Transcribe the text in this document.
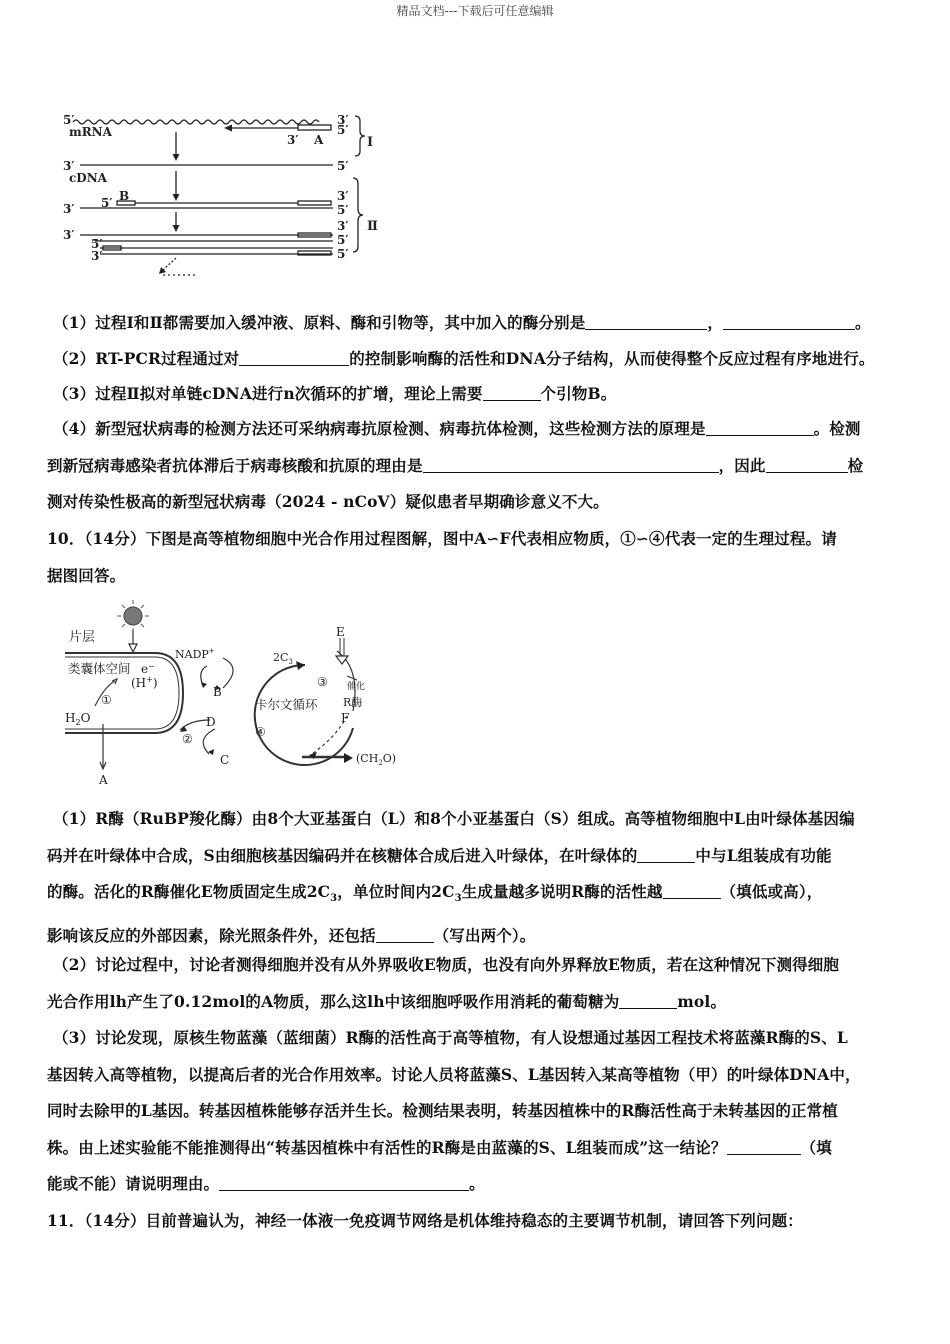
精品文档---下载后可任意编辑
5′
mRNA
3′
3′ A
5′
3′
cDNA
5′
5′ B	3′
3′	5′
3′
3′
5′
5′
3′	5′
Ⅰ
Ⅱ
（1）过程Ⅰ和Ⅱ都需要加入缓冲液、原料、酶和引物等，其中加入的酶分别是	，	。
（2）RT-PCR过程通过对	的控制影响酶的活性和DNA分子结构，从而使得整个反应过程有序地进行。
（3）过程Ⅱ拟对单链cDNA进行n次循环的扩增，理论上需要	个引物B。
（4）新型冠状病毒的检测方法还可采纳病毒抗原检测、病毒抗体检测，这些检测方法的原理是	。检测
到新冠病毒感染者抗体滞后于病毒核酸和抗原的理由是	，因此	检
测对传染性极高的新型冠状病毒（2024 - nCoV）疑似患者早期确诊意义不大。
10．（14分）下图是高等植物细胞中光合作用过程图解，图中A∽F代表相应物质，①∽④代表一定的生理过程。请
据图回答。
片层
类囊体空间 e −
(H+)
①
$H_2O$
A
NADP+
B
D
②
C
④
$2C_3$
E
③ 催化
R酶
F
卡尔文循环
$(CH_2O)$
（1）R酶（RuBP羧化酶）由8个大亚基蛋白（L）和8个小亚基蛋白（S）组成。高等植物细胞中L由叶绿体基因编
码并在叶绿体中合成，S由细胞核基因编码并在核糖体合成后进入叶绿体，在叶绿体的	中与L组装成有功能
的酶。活化的R酶催化E物质固定生成$2C_3$，单位时间内$2C_3$生成量越多说明R酶的活性越	（填低或高），
影响该反应的外部因素，除光照条件外，还包括	（写出两个）。
（2）讨论过程中，讨论者测得细胞并没有从外界吸收E物质，也没有向外界释放E物质，若在这种情况下测得细胞
光合作用lh产生了0.12mol的A物质，那么这lh中该细胞呼吸作用消耗的葡萄糖为	mol。
（3）讨论发现，原核生物蓝藻（蓝细菌）R酶的活性高于高等植物，有人设想通过基因工程技术将蓝藻R酶的S、L
基因转入高等植物，以提高后者的光合作用效率。讨论人员将蓝藻S、L基因转入某高等植物（甲）的叶绿体DNA中，
同时去除甲的L基因。转基因植株能够存活并生长。检测结果表明，转基因植株中的R酶活性高于未转基因的正常植
株。由上述实验能不能推测得出“转基因植株中有活性的R酶是由蓝藻的S、L组装而成”这一结论？	（填
能或不能）请说明理由。	。
11．（14分）目前普遍认为，神经一体液一免疫调节网络是机体维持稳态的主要调节机制，请回答下列问题：
